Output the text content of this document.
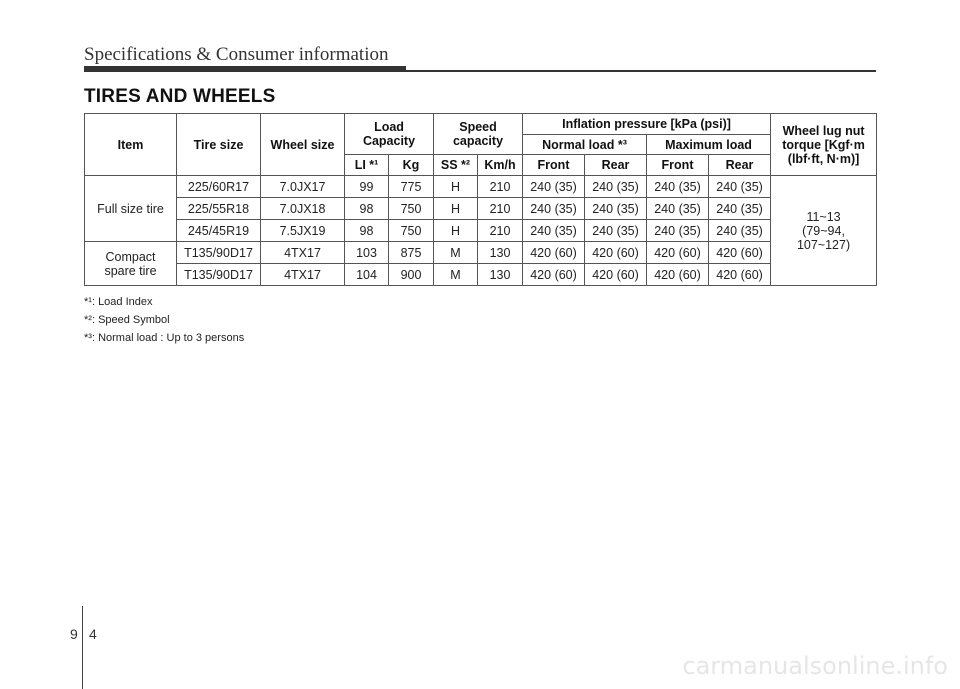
Specifications & Consumer information
TIRES AND WHEELS
Item	Tire size	Wheel size	Load Capacity		Speed capacity		Inflation pressure [kPa (psi)]				Wheel lug nut torque [Kgf·m (lbf·ft, N·m)]
							Normal load *³		Maximum load		
			LI *¹	Kg	SS *²	Km/h	Front	Rear	Front	Rear	
Full size tire	225/60R17	7.0JX17	99	775	H	210	240 (35)	240 (35)	240 (35)	240 (35)	11~13 (79~94, 107~127)
	225/55R18	7.0JX18	98	750	H	210	240 (35)	240 (35)	240 (35)	240 (35)	
	245/45R19	7.5JX19	98	750	H	210	240 (35)	240 (35)	240 (35)	240 (35)	
Compact spare tire	T135/90D17	4TX17	103	875	M	130	420 (60)	420 (60)	420 (60)	420 (60)	
	T135/90D17	4TX17	104	900	M	130	420 (60)	420 (60)	420 (60)	420 (60)	
*¹: Load Index
*²: Speed Symbol
*³: Normal load : Up to 3 persons
9 4
carmanualsonline.info
